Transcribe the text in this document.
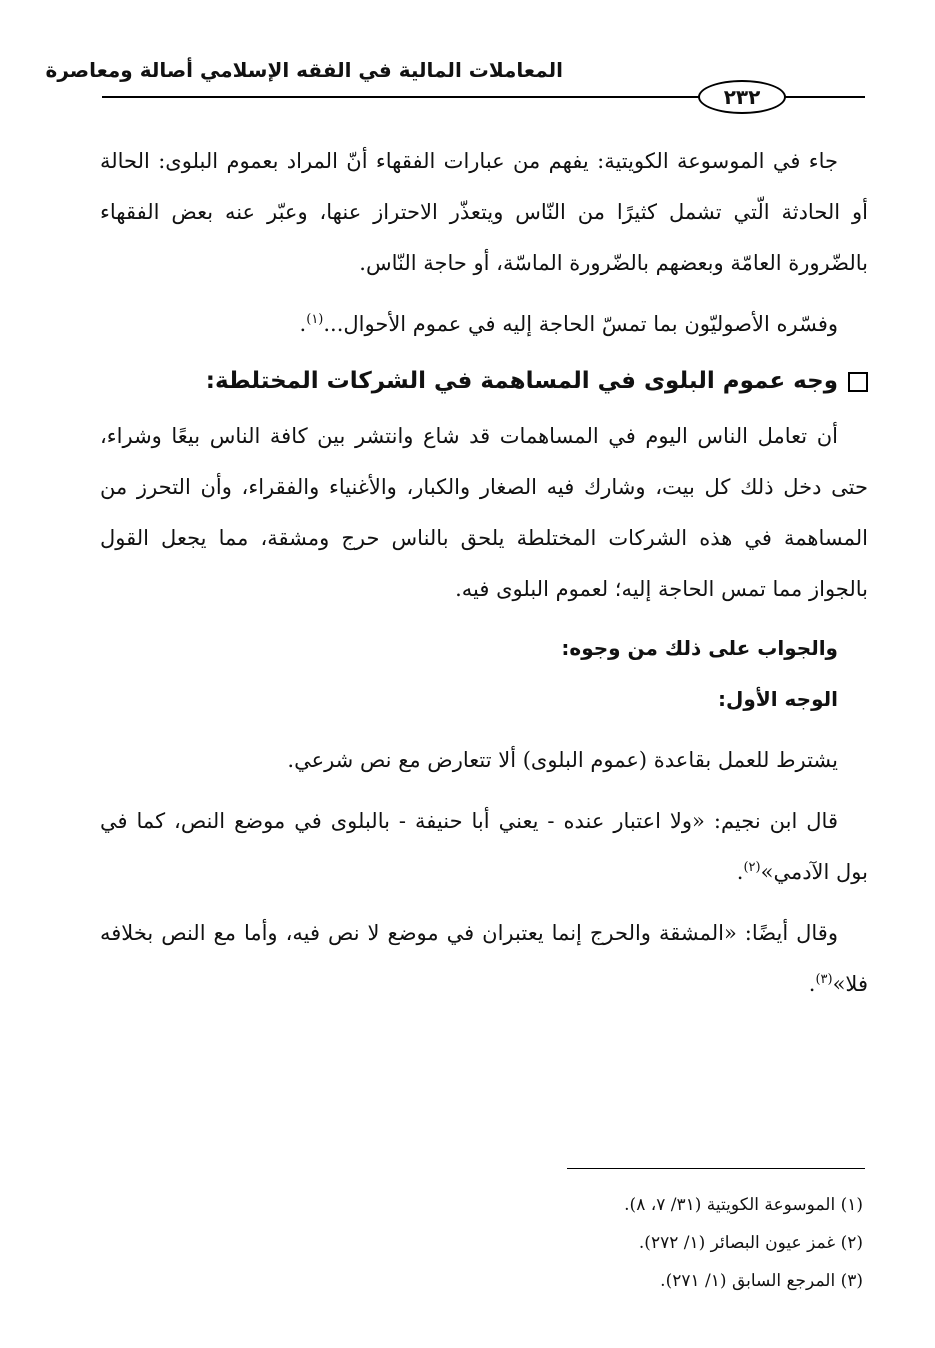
المعاملات المالية في الفقه الإسلامي أصالة ومعاصرة
٢٣٢

جاء في الموسوعة الكويتية: يفهم من عبارات الفقهاء أنّ المراد بعموم البلوى: الحالة أو الحادثة الّتي تشمل كثيرًا من النّاس ويتعذّر الاحتراز عنها، وعبّر عنه بعض الفقهاء بالضّرورة العامّة وبعضهم بالضّرورة الماسّة، أو حاجة النّاس.

وفسّره الأصوليّون بما تمسّ الحاجة إليه في عموم الأحوال...$^{(١)}$.

وجه عموم البلوى في المساهمة في الشركات المختلطة:

أن تعامل الناس اليوم في المساهمات قد شاع وانتشر بين كافة الناس بيعًا وشراء، حتى دخل ذلك كل بيت، وشارك فيه الصغار والكبار، والأغنياء والفقراء، وأن التحرز من المساهمة في هذه الشركات المختلطة يلحق بالناس حرج ومشقة، مما يجعل القول بالجواز مما تمس الحاجة إليه؛ لعموم البلوى فيه.

والجواب على ذلك من وجوه:

الوجه الأول:

يشترط للعمل بقاعدة (عموم البلوى) ألا تتعارض مع نص شرعي.

قال ابن نجيم: «ولا اعتبار عنده - يعني أبا حنيفة - بالبلوى في موضع النص، كما في بول الآدمي»$^{(٢)}$.

وقال أيضًا: «المشقة والحرج إنما يعتبران في موضع لا نص فيه، وأما مع النص بخلافه فلا»$^{(٣)}$.

(١) الموسوعة الكويتية (٣١/ ٧، ٨).

(٢) غمز عيون البصائر (١/ ٢٧٢).

(٣) المرجع السابق (١/ ٢٧١).
